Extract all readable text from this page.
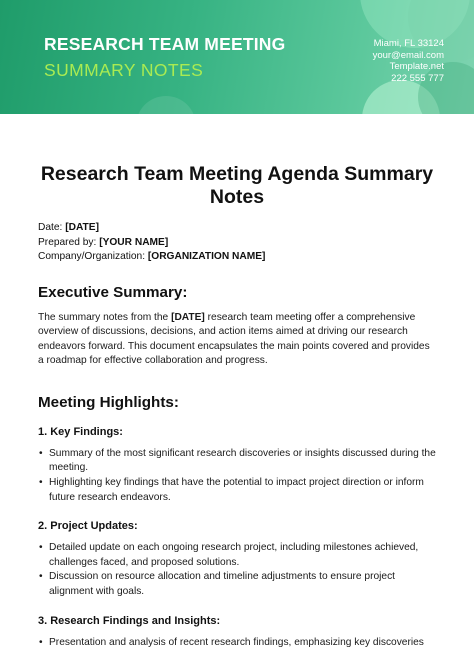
RESEARCH TEAM MEETING

SUMMARY NOTES

Miami, FL 33124
your@email.com
Template.net
222 555 777
Research Team Meeting Agenda Summary Notes
Date: [DATE]
Prepared by: [YOUR NAME]
Company/Organization: [ORGANIZATION NAME]
Executive Summary:

The summary notes from the [DATE] research team meeting offer a comprehensive overview of discussions, decisions, and action items aimed at driving our research endeavors forward. This document encapsulates the main points covered and provides a roadmap for effective collaboration and progress.

Meeting Highlights:
1. Key Findings:
• Summary of the most significant research discoveries or insights discussed during the meeting.
• Highlighting key findings that have the potential to impact project direction or inform future research endeavors.
2. Project Updates:
• Detailed update on each ongoing research project, including milestones achieved, challenges faced, and proposed solutions.
• Discussion on resource allocation and timeline adjustments to ensure project alignment with goals.
3. Research Findings and Insights:
• Presentation and analysis of recent research findings, emphasizing key discoveries
